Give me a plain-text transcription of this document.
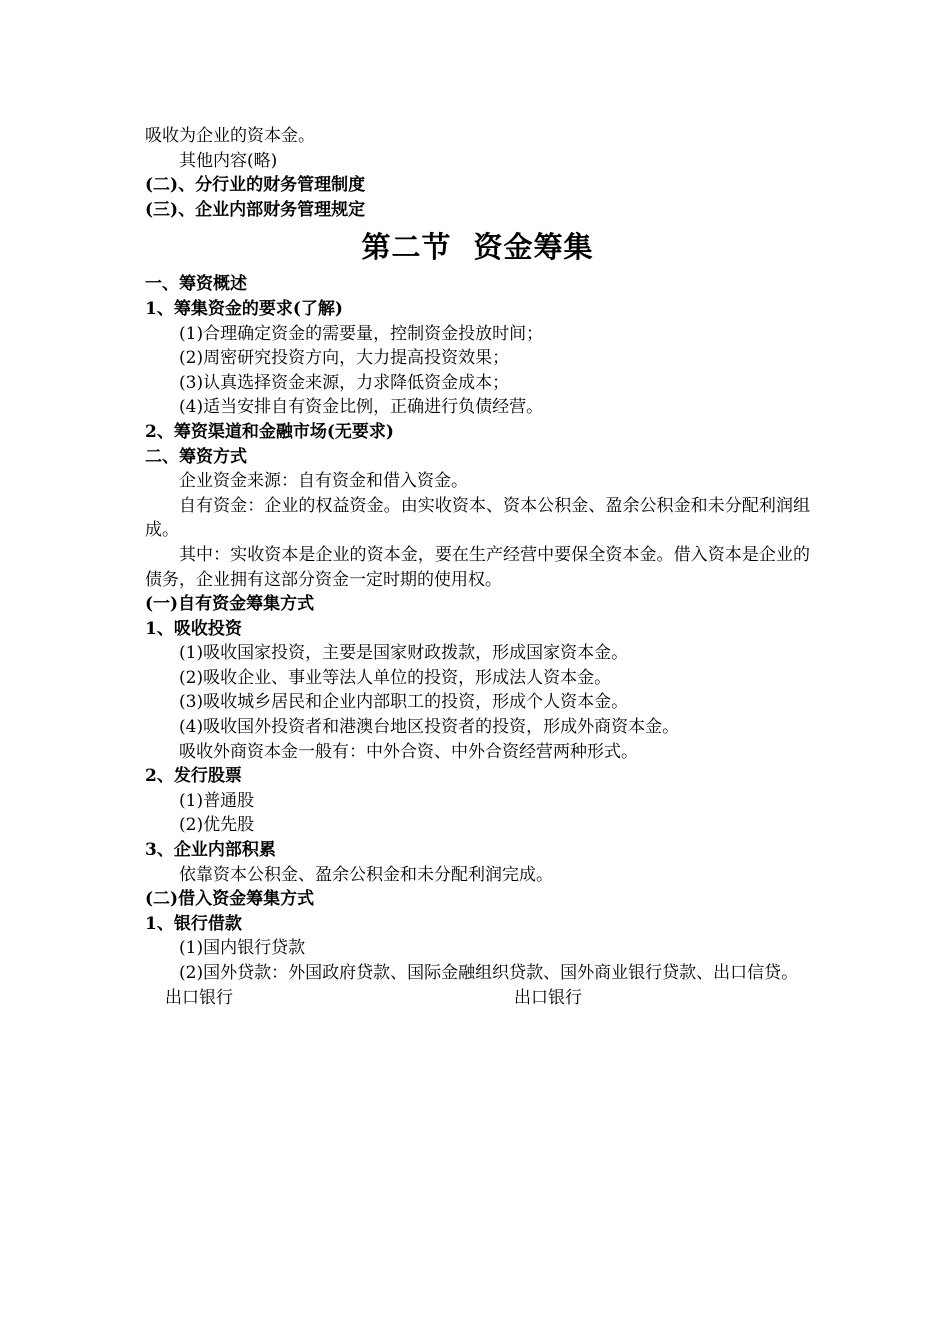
吸收为企业的资本金。

其他内容(略)

(二)、分行业的财务管理制度

(三)、企业内部财务管理规定

第二节 资金筹集

一、筹资概述

1、筹集资金的要求(了解)

(1)合理确定资金的需要量，控制资金投放时间；

(2)周密研究投资方向，大力提高投资效果；

(3)认真选择资金来源，力求降低资金成本；

(4)适当安排自有资金比例，正确进行负债经营。

2、筹资渠道和金融市场(无要求)

二、筹资方式

企业资金来源：自有资金和借入资金。

自有资金：企业的权益资金。由实收资本、资本公积金、盈余公积金和未分配利润组成。

其中：实收资本是企业的资本金，要在生产经营中要保全资本金。借入资本是企业的债务，企业拥有这部分资金一定时期的使用权。

(一)自有资金筹集方式

1、吸收投资

(1)吸收国家投资，主要是国家财政拨款，形成国家资本金。

(2)吸收企业、事业等法人单位的投资，形成法人资本金。

(3)吸收城乡居民和企业内部职工的投资，形成个人资本金。

(4)吸收国外投资者和港澳台地区投资者的投资，形成外商资本金。

吸收外商资本金一般有：中外合资、中外合资经营两种形式。

2、发行股票

(1)普通股

(2)优先股

3、企业内部积累

依靠资本公积金、盈余公积金和未分配利润完成。

(二)借入资金筹集方式

1、银行借款

(1)国内银行贷款

(2)国外贷款：外国政府贷款、国际金融组织贷款、国外商业银行贷款、出口信贷。

出口银行	出口银行
